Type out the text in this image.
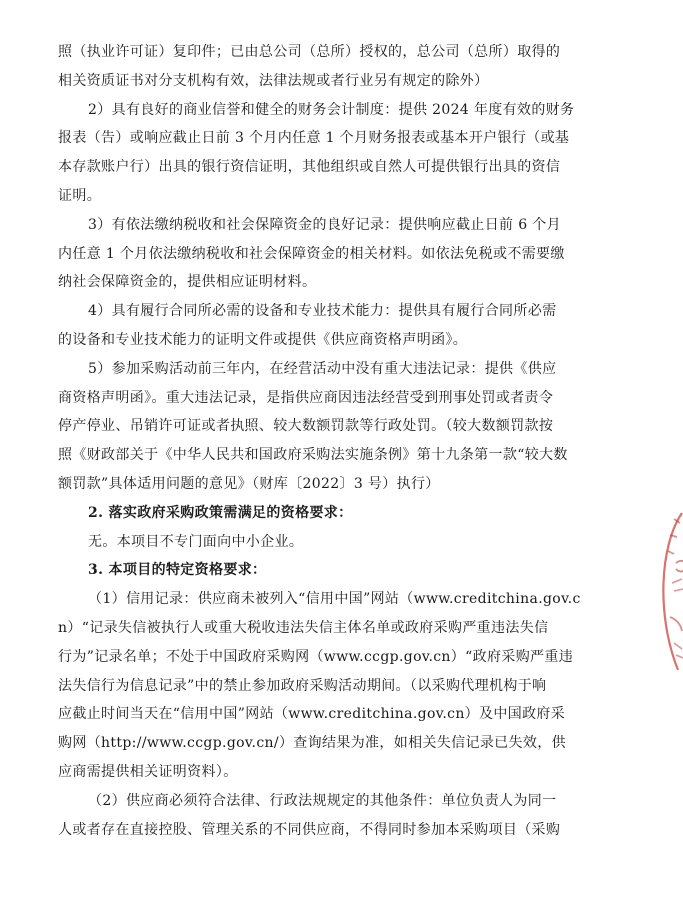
照（执业许可证）复印件；已由总公司（总所）授权的，总公司（总所）取得的
相关资质证书对分支机构有效，法律法规或者行业另有规定的除外）
2）具有良好的商业信誉和健全的财务会计制度：提供 2024 年度有效的财务
报表（告）或响应截止日前 3 个月内任意 1 个月财务报表或基本开户银行（或基
本存款账户行）出具的银行资信证明，其他组织或自然人可提供银行出具的资信
证明。
3）有依法缴纳税收和社会保障资金的良好记录：提供响应截止日前 6 个月
内任意 1 个月依法缴纳税收和社会保障资金的相关材料。如依法免税或不需要缴
纳社会保障资金的，提供相应证明材料。
4）具有履行合同所必需的设备和专业技术能力：提供具有履行合同所必需
的设备和专业技术能力的证明文件或提供《供应商资格声明函》。
5）参加采购活动前三年内，在经营活动中没有重大违法记录：提供《供应
商资格声明函》。重大违法记录，是指供应商因违法经营受到刑事处罚或者责令
停产停业、吊销许可证或者执照、较大数额罚款等行政处罚。（较大数额罚款按
照《财政部关于《中华人民共和国政府采购法实施条例》第十九条第一款“较大数
额罚款”具体适用问题的意见》（财库〔2022〕3 号）执行）
2. 落实政府采购政策需满足的资格要求：
无。本项目不专门面向中小企业。
3. 本项目的特定资格要求：
（1）信用记录：供应商未被列入“信用中国”网站（www.creditchina.gov.c
n）“记录失信被执行人或重大税收违法失信主体名单或政府采购严重违法失信
行为”记录名单；不处于中国政府采购网（www.ccgp.gov.cn）“政府采购严重违
法失信行为信息记录”中的禁止参加政府采购活动期间。（以采购代理机构于响
应截止时间当天在“信用中国”网站（www.creditchina.gov.cn）及中国政府采
购网（http://www.ccgp.gov.cn/）查询结果为准，如相关失信记录已失效，供
应商需提供相关证明资料）。
（2）供应商必须符合法律、行政法规规定的其他条件：单位负责人为同一
人或者存在直接控股、管理关系的不同供应商，不得同时参加本采购项目（采购
